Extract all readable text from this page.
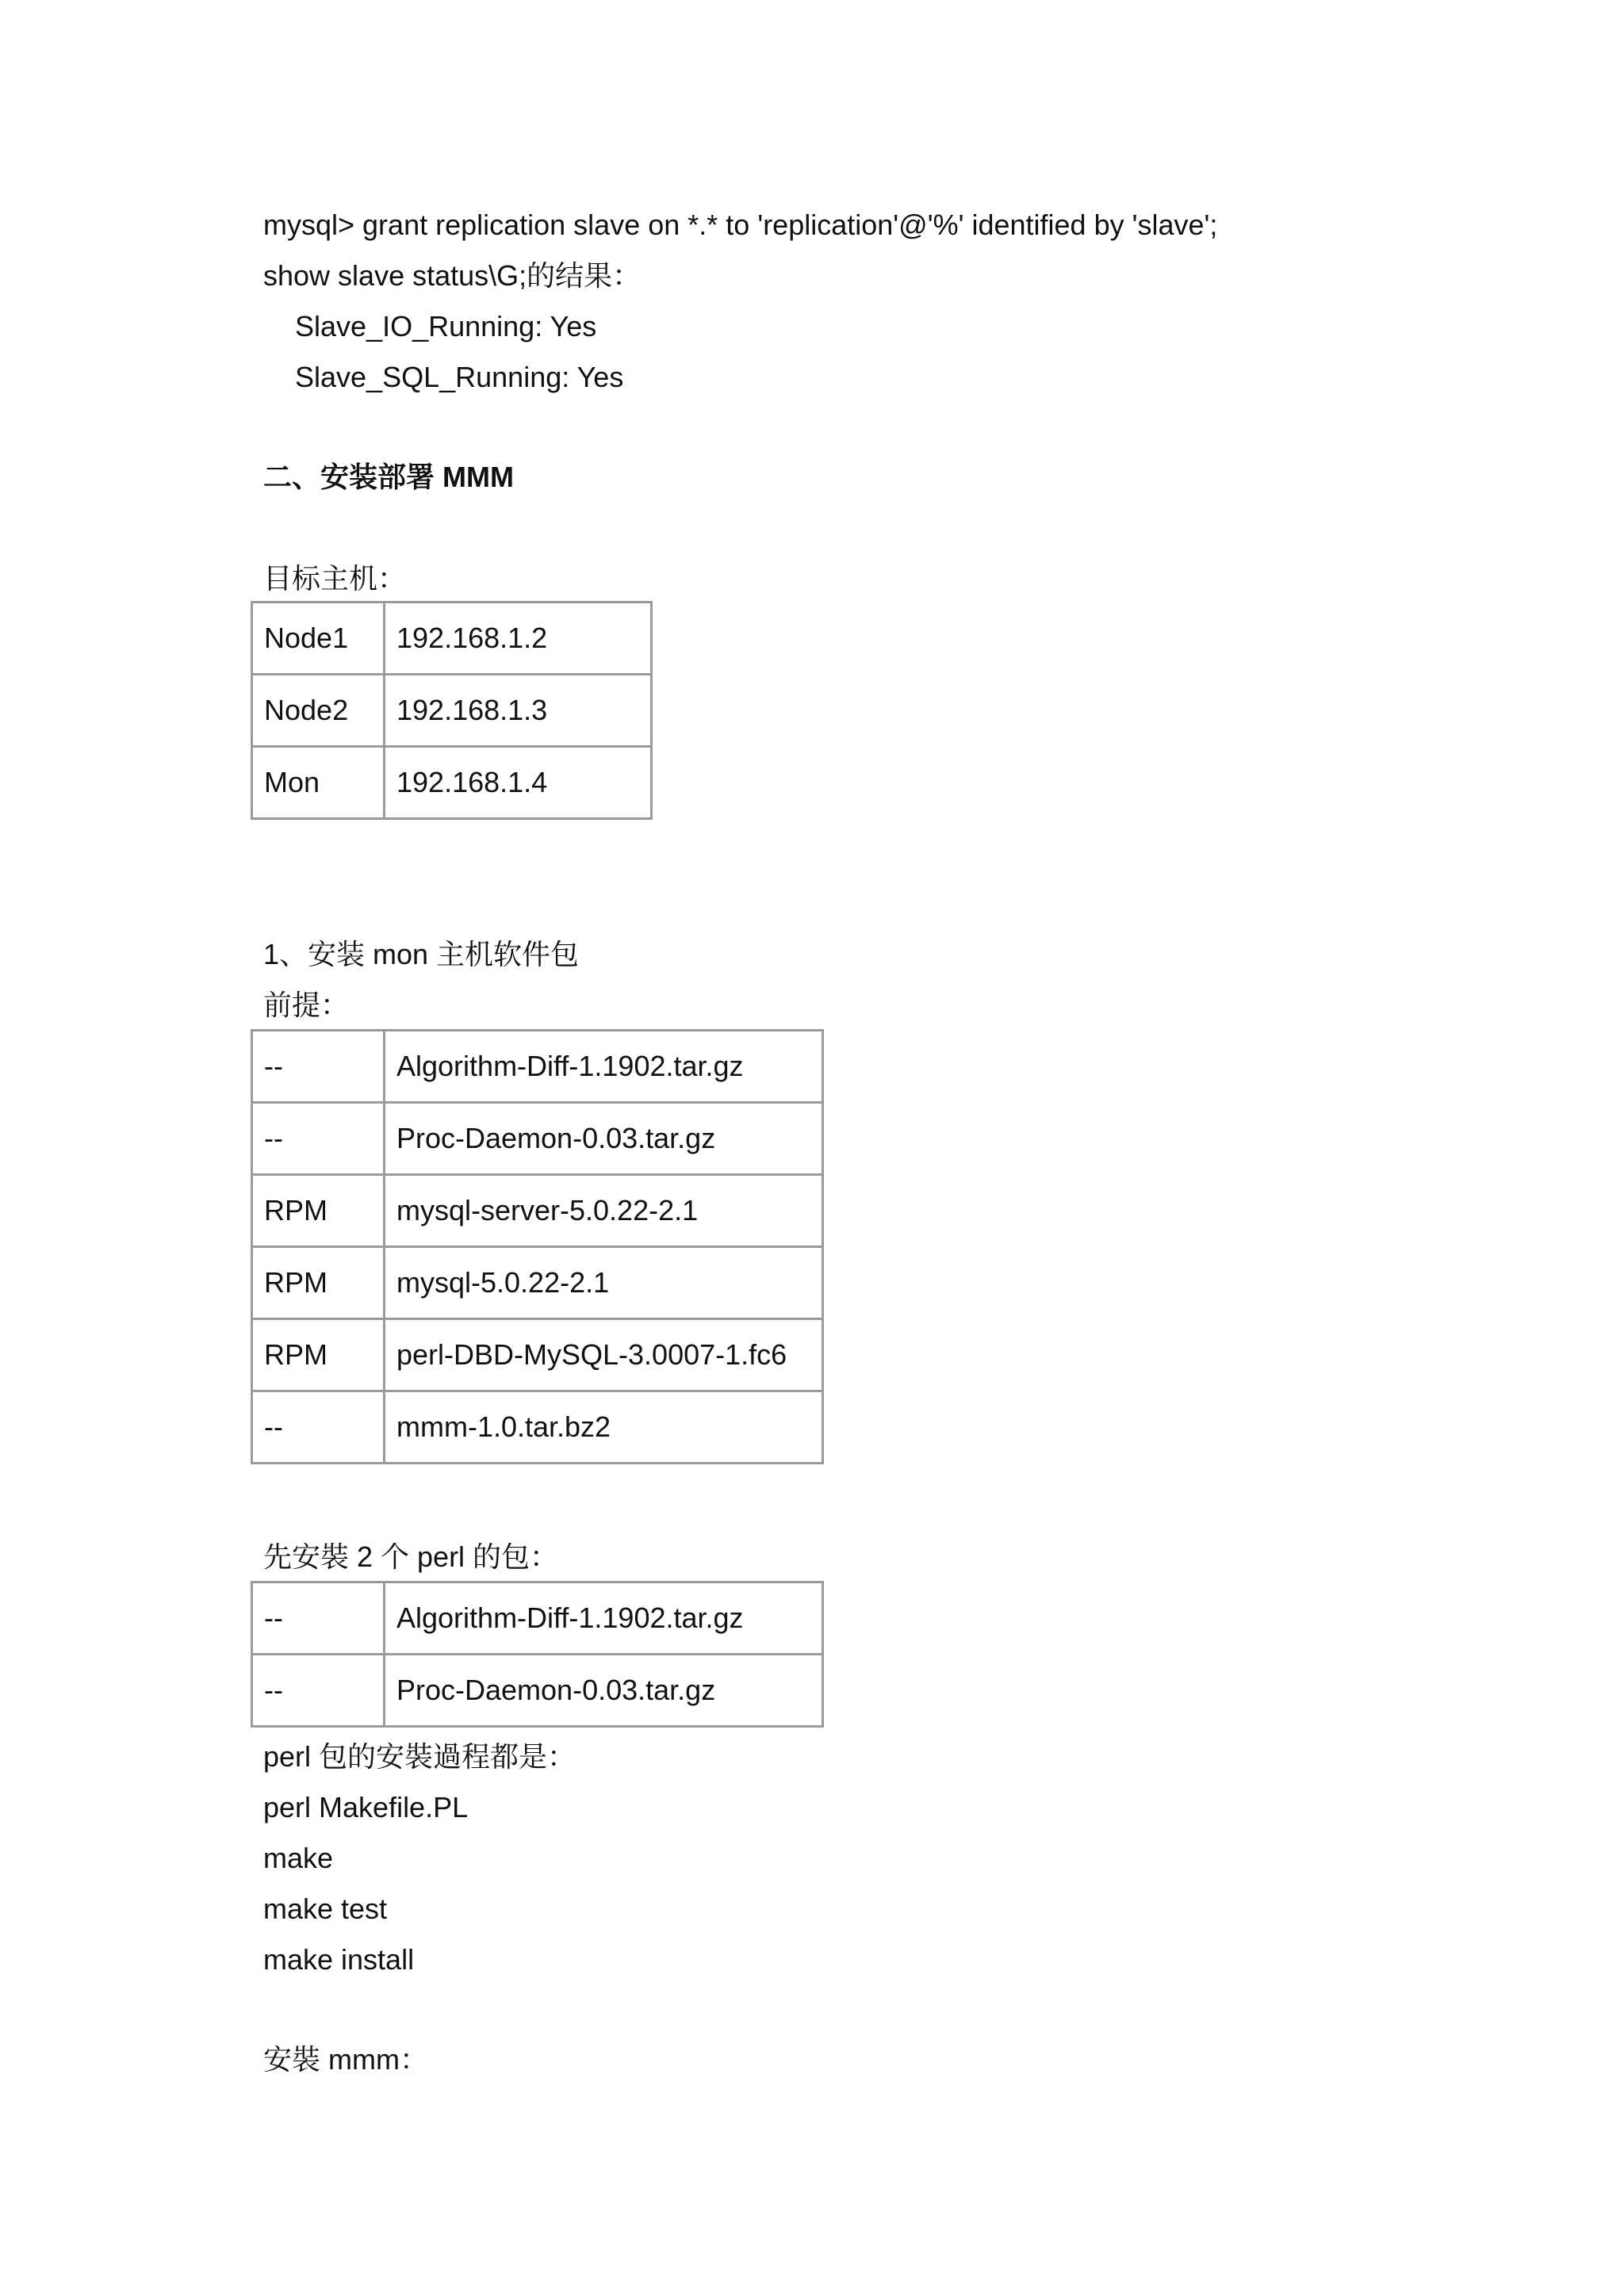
mysql> grant replication slave on *.* to 'replication'@'%' identified by 'slave';
show slave status\G;的结果：
Slave_IO_Running: Yes
Slave_SQL_Running: Yes
二、安装部署 MMM
目标主机：
Node1	192.168.1.2
Node2	192.168.1.3
Mon	192.168.1.4
1、安装 mon 主机软件包
前提：
--	Algorithm-Diff-1.1902.tar.gz
--	Proc-Daemon-0.03.tar.gz
RPM	mysql-server-5.0.22-2.1
RPM	mysql-5.0.22-2.1
RPM	perl-DBD-MySQL-3.0007-1.fc6
--	mmm-1.0.tar.bz2
先安裝 2 个 perl 的包：
--	Algorithm-Diff-1.1902.tar.gz
--	Proc-Daemon-0.03.tar.gz
perl 包的安裝過程都是：
perl Makefile.PL
make
make test
make install
安裝 mmm：
